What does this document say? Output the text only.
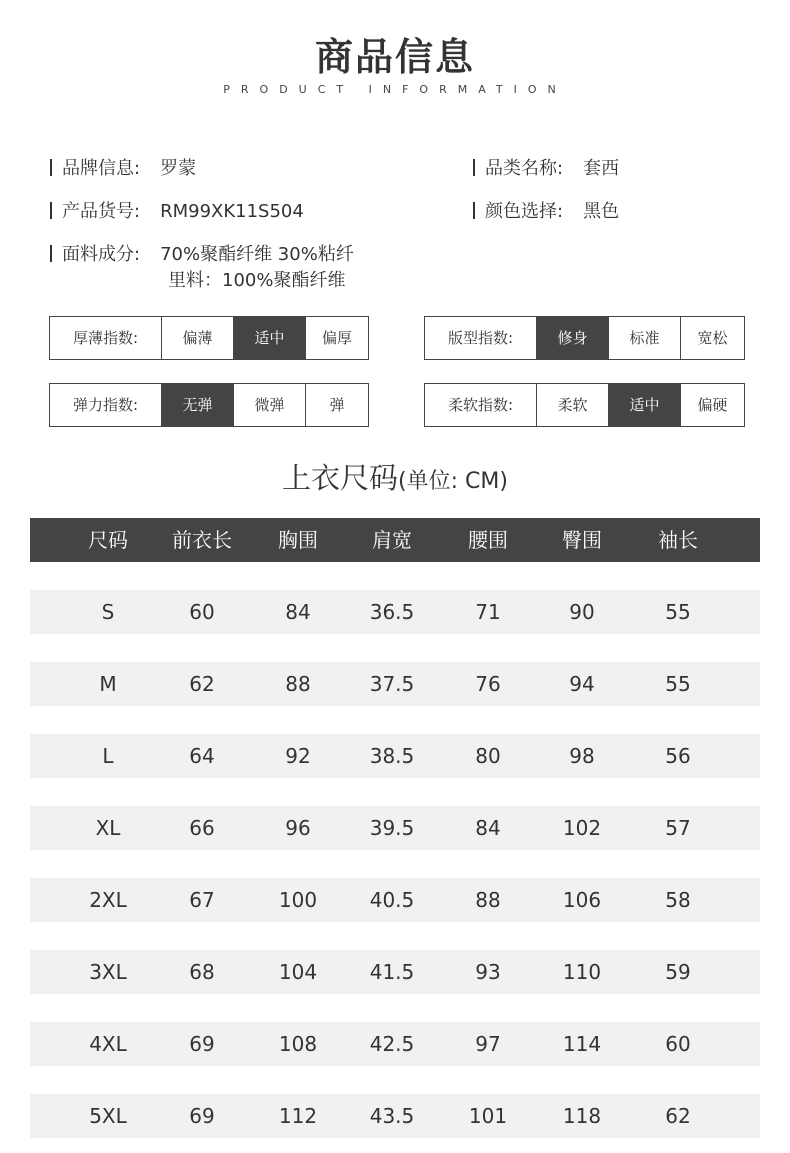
商品信息
PRODUCT INFORMATION
品牌信息: 罗蒙	品类名称: 套西
产品货号: RM99XK11S504	颜色选择: 黑色
面料成分: 70%聚酯纤维 30%粘纤
里料：100%聚酯纤维
厚薄指数:	偏薄	适中	偏厚	版型指数:	修身	标准	宽松
弹力指数:	无弹	微弹	弹	柔软指数:	柔软	适中	偏硬
上衣尺码(单位: CM)
尺码	前衣长	胸围	肩宽	腰围	臀围	袖长
S	60	84	36.5	71	90	55
M	62	88	37.5	76	94	55
L	64	92	38.5	80	98	56
XL	66	96	39.5	84	102	57
2XL	67	100	40.5	88	106	58
3XL	68	104	41.5	93	110	59
4XL	69	108	42.5	97	114	60
5XL	69	112	43.5	101	118	62
